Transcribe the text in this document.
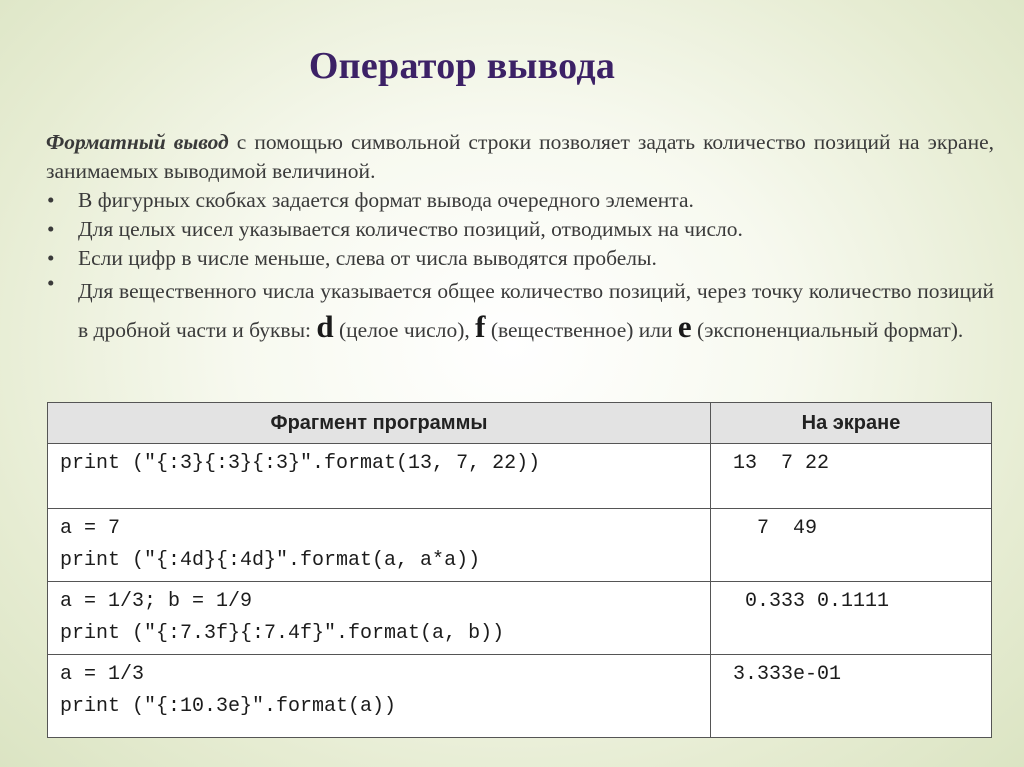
Оператор вывода

Форматный вывод с помощью символьной строки позволяет задать количество позиций на экране, занимаемых выводимой величиной.

• В фигурных скобках задается формат вывода очередного элемента.
• Для целых чисел указывается количество позиций, отводимых на число.
• Если цифр в числе меньше, слева от числа выводятся пробелы.
• Для вещественного числа указывается общее количество позиций, через точку количество позиций в дробной части и буквы: d (целое число), f (вещественное) или e (экспоненциальный формат).
Фрагмент программы	На экране
print ("{:3}{:3}{:3}".format(13, 7, 22))	13  7 22
a = 7
print ("{:4d}{:4d}".format(a, a*a))	7  49
a = 1/3; b = 1/9
print ("{:7.3f}{:7.4f}".format(a, b))	0.333 0.1111
a = 1/3
print ("{:10.3e}".format(a))	3.333e-01
